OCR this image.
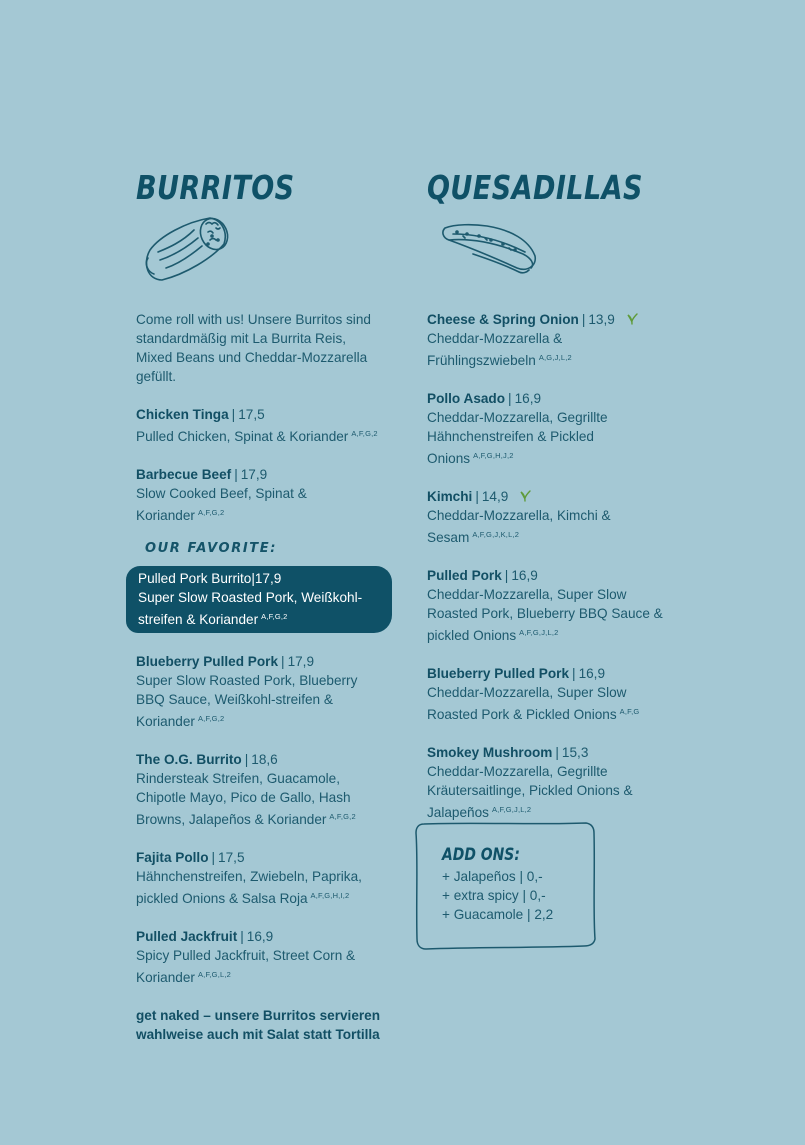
BURRITOS
Come roll with us! Unsere Burritos sind standardmäßig mit La Burrita Reis, Mixed Beans und Cheddar-Mozzarella gefüllt.
Chicken Tinga | 17,5
Pulled Chicken, Spinat & Koriander $^{A,F,G,2}$
Barbecue Beef | 17,9
Slow Cooked Beef, Spinat & Koriander $^{A,F,G,2}$
OUR FAVORITE:
Pulled Pork Burrito|17,9
Super Slow Roasted Pork, Weißkohl-streifen & Koriander $^{A,F,G,2}$
Blueberry Pulled Pork | 17,9
Super Slow Roasted Pork, Blueberry BBQ Sauce, Weißkohl-streifen & Koriander $^{A,F,G,2}$
The O.G. Burrito | 18,6
Rindersteak Streifen, Guacamole, Chipotle Mayo, Pico de Gallo, Hash Browns, Jalapeños & Koriander $^{A,F,G,2}$
Fajita Pollo | 17,5
Hähnchenstreifen, Zwiebeln, Paprika, pickled Onions & Salsa Roja $^{A,F,G,H,I,2}$
Pulled Jackfruit | 16,9
Spicy Pulled Jackfruit, Street Corn & Koriander $^{A,F,G,L,2}$
get naked – unsere Burritos servieren wahlweise auch mit Salat statt Tortilla
QUESADILLAS
Cheese & Spring Onion | 13,9
Cheddar-Mozzarella & Frühlingszwiebeln $^{A,G,J,L,2}$
Pollo Asado | 16,9
Cheddar-Mozzarella, Gegrillte Hähnchenstreifen & Pickled Onions $^{A,F,G,H,J,2}$
Kimchi | 14,9
Cheddar-Mozzarella, Kimchi & Sesam $^{A,F,G,J,K,L,2}$
Pulled Pork | 16,9
Cheddar-Mozzarella, Super Slow Roasted Pork, Blueberry BBQ Sauce & pickled Onions $^{A,F,G,J,L,2}$
Blueberry Pulled Pork | 16,9
Cheddar-Mozzarella, Super Slow Roasted Pork & Pickled Onions $^{A,F,G}$
Smokey Mushroom | 15,3
Cheddar-Mozzarella, Gegrillte Kräutersaitlinge, Pickled Onions & Jalapeños $^{A,F,G,J,L,2}$
ADD ONS:
+ Jalapeños | 0,-
+ extra spicy | 0,-
+ Guacamole | 2,2
